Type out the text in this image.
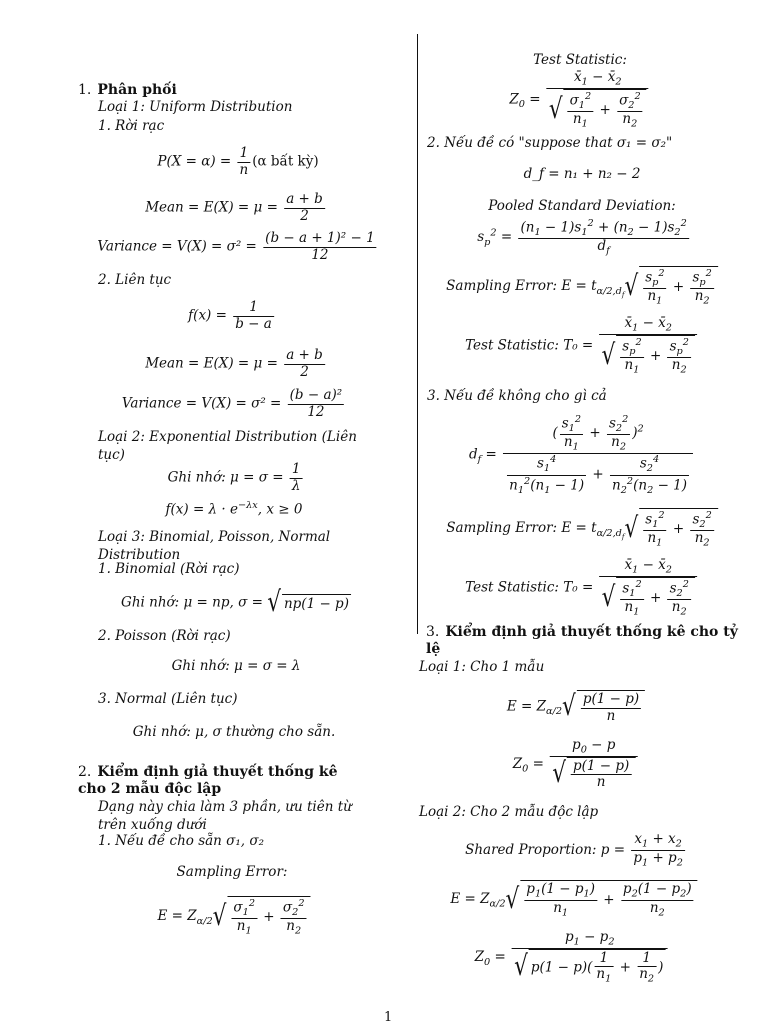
1. Phân phối
Loại 1: Uniform Distribution
1. Rời rạc
$P(X = \alpha) = \frac{1}{n} (\alpha$ bất kỳ)
Mean = $E(X) = \mu = \frac{a + b}{2}$
Variance = $V(X) = \sigma^2 = \frac{\text{(b − a + 1)² − 1}}{12}$
2. Liên tục
$f(x) = \frac{1}{b - a}$
Mean = $E(X) = \mu = \frac{a + b}{2}$
Variance = $V(X) = \sigma^2 = \frac{\text{(b − a)²}}{12}$
Loại 2: Exponential Distribution (Liên tục)
Ghi nhớ: $\mu = \sigma = \frac{1}{\lambda}$
$f(x) = \lambda \cdot e^{-\lambda x}$, x ≥ 0
Loại 3: Binomial, Poisson, Normal Distribution
1. Binomial (Rời rạc)
Ghi nhớ: μ = np, σ = √ np(1 − p)
2. Poisson (Rời rạc)
Ghi nhớ: μ = σ = λ
3. Normal (Liên tục)
Ghi nhớ: μ, σ thường cho sẵn.
2. Kiểm định giả thuyết thống kê cho 2 mẫu độc lập
Dạng này chia làm 3 phần, ưu tiên từ trên xuống dưới
1. Nếu đề cho sẵn σ₁, σ₂
Sampling Error:
$E = Z_{\alpha/2}√ \frac{\sigma_1^2}{n_1} + \frac{\sigma_2^2}{n_2}$
Test Statistic:
$Z_0 = \frac{x̄_1 - x̄_2}{√ \frac{\sigma_1^2}{n_1} + \frac{\sigma_2^2}{n_2}}$
2. Nếu đề có "suppose that σ₁ = σ₂"
d_f = n₁ + n₂ − 2
Pooled Standard Deviation:
$s_p^2 = \frac{(n_1 - 1)s_1^2 + (n_2 - 1)s_2^2}{d_f}$
Sampling Error: $E = t_{\alpha/2,d_f}√ \frac{s_p^2}{n_1} + \frac{s_p^2}{n_2}$
Test Statistic: $T_0 = \frac{x̄_1 - x̄_2}{√ \frac{s_p^2}{n_1} + \frac{s_p^2}{n_2}}$
3. Nếu đề không cho gì cả
$d_f = \frac{( \frac{s_1^2}{n_1} + \frac{s_2^2}{n_2} )^2}{\frac{s_1^4}{n_1^2(n_1 - 1)} + \frac{s_2^4}{n_2^2(n_2 - 1)}}$
Sampling Error: $E = t_{\alpha/2,d_f}√ \frac{s_1^2}{n_1} + \frac{s_2^2}{n_2}$
Test Statistic: $T_0 = \frac{x̄_1 - x̄_2}{√ \frac{s_1^2}{n_1} + \frac{s_2^2}{n_2}}$
3. Kiểm định giả thuyết thống kê cho tỷ lệ
Loại 1: Cho 1 mẫu
$E = Z_{\alpha/2}√ \frac{p(1 - p)}{n}$
$Z_0 = \frac{p_0 - p}{√ \frac{p(1 - p)}{n}}$
Loại 2: Cho 2 mẫu độc lập
Shared Proportion: $p = \frac{x_1 + x_2}{p_1 + p_2}$
$E = Z_{\alpha/2}√ \frac{p_1(1 - p_1)}{n_1} + \frac{p_2(1 - p_2)}{n_2}$
$Z_0 = \frac{p_1 - p_2}{√ p(1 - p)( \frac{1}{n_1} + \frac{1}{n_2} )}$
1
